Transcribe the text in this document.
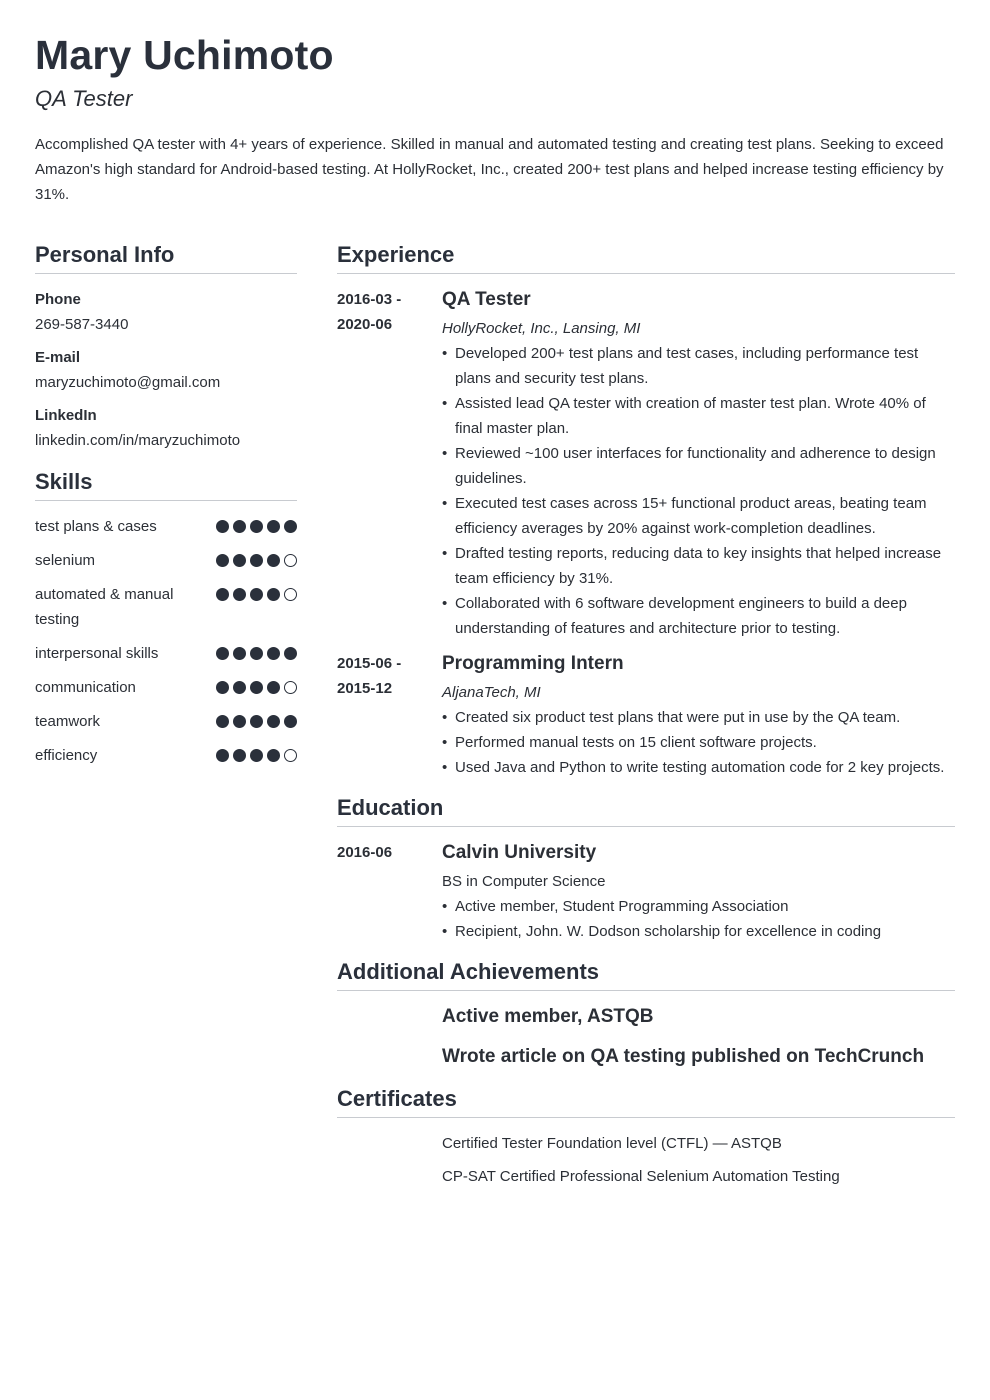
Mary Uchimoto
QA Tester
Accomplished QA tester with 4+ years of experience. Skilled in manual and automated testing and creating test plans. Seeking to exceed Amazon's high standard for Android-based testing. At HollyRocket, Inc., created 200+ test plans and helped increase testing efficiency by 31%.
Personal Info
Phone
269-587-3440
E-mail
maryzuchimoto@gmail.com
LinkedIn
linkedin.com/in/maryzuchimoto
Skills
test plans & cases
selenium
automated & manual testing
interpersonal skills
communication
teamwork
efficiency
Experience
2016-03 - 2020-06
QA Tester
HollyRocket, Inc., Lansing, MI
• Developed 200+ test plans and test cases, including performance test plans and security test plans.
• Assisted lead QA tester with creation of master test plan. Wrote 40% of final master plan.
• Reviewed ~100 user interfaces for functionality and adherence to design guidelines.
• Executed test cases across 15+ functional product areas, beating team efficiency averages by 20% against work-completion deadlines.
• Drafted testing reports, reducing data to key insights that helped increase team efficiency by 31%.
• Collaborated with 6 software development engineers to build a deep understanding of features and architecture prior to testing.
2015-06 - 2015-12
Programming Intern
AljanaTech, MI
• Created six product test plans that were put in use by the QA team.
• Performed manual tests on 15 client software projects.
• Used Java and Python to write testing automation code for 2 key projects.
Education
2016-06	Calvin University
BS in Computer Science
• Active member, Student Programming Association
• Recipient, John. W. Dodson scholarship for excellence in coding
Additional Achievements
Active member, ASTQB
Wrote article on QA testing published on TechCrunch
Certificates
Certified Tester Foundation level (CTFL) — ASTQB
CP-SAT Certified Professional Selenium Automation Testing
